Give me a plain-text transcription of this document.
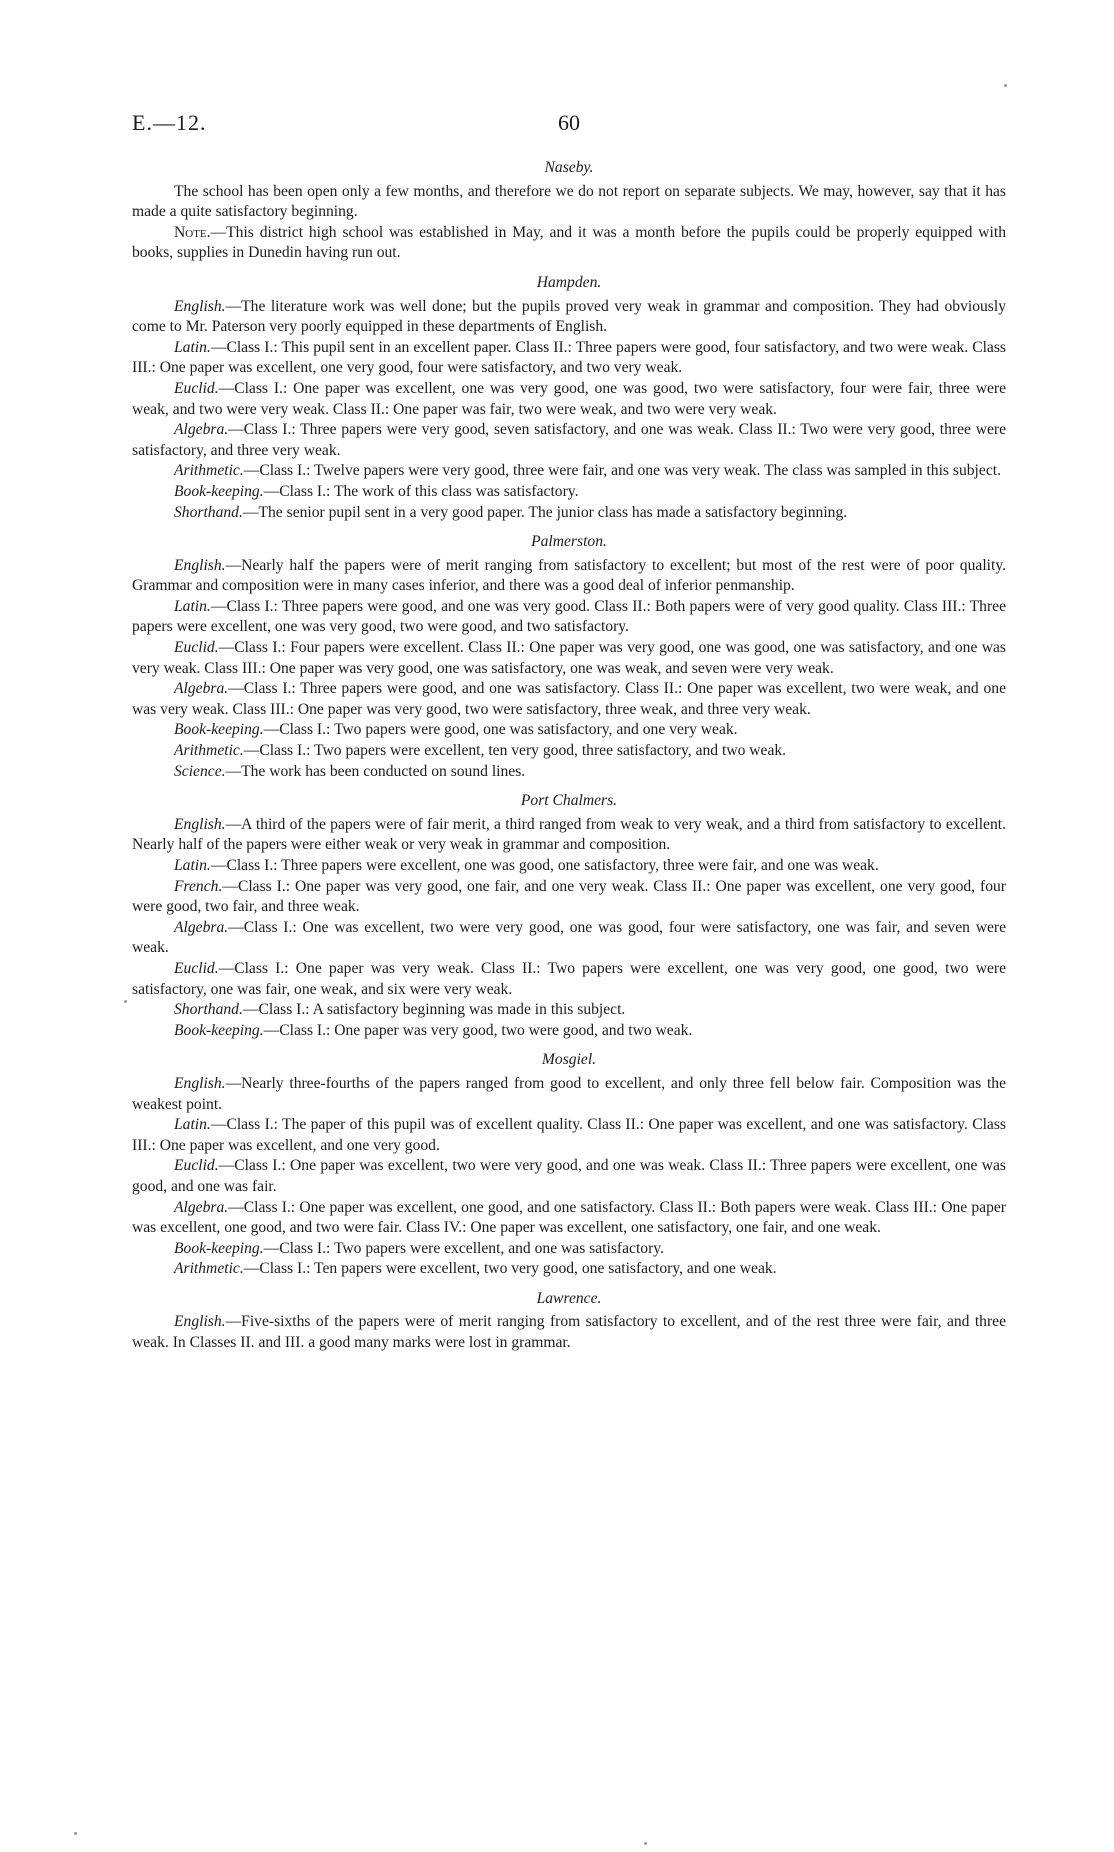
E.—12.	60
Naseby.

The school has been open only a few months, and therefore we do not report on separate subjects. We may, however, say that it has made a quite satisfactory beginning.

Note.—This district high school was established in May, and it was a month before the pupils could be properly equipped with books, supplies in Dunedin having run out.

Hampden.

English.—The literature work was well done; but the pupils proved very weak in grammar and composition. They had obviously come to Mr. Paterson very poorly equipped in these departments of English.

Latin.—Class I.: This pupil sent in an excellent paper. Class II.: Three papers were good, four satisfactory, and two were weak. Class III.: One paper was excellent, one very good, four were satisfactory, and two very weak.

Euclid.—Class I.: One paper was excellent, one was very good, one was good, two were satisfactory, four were fair, three were weak, and two were very weak. Class II.: One paper was fair, two were weak, and two were very weak.

Algebra.—Class I.: Three papers were very good, seven satisfactory, and one was weak. Class II.: Two were very good, three were satisfactory, and three very weak.

Arithmetic.—Class I.: Twelve papers were very good, three were fair, and one was very weak. The class was sampled in this subject.

Book-keeping.—Class I.: The work of this class was satisfactory.

Shorthand.—The senior pupil sent in a very good paper. The junior class has made a satisfactory beginning.

Palmerston.

English.—Nearly half the papers were of merit ranging from satisfactory to excellent; but most of the rest were of poor quality. Grammar and composition were in many cases inferior, and there was a good deal of inferior penmanship.

Latin.—Class I.: Three papers were good, and one was very good. Class II.: Both papers were of very good quality. Class III.: Three papers were excellent, one was very good, two were good, and two satisfactory.

Euclid.—Class I.: Four papers were excellent. Class II.: One paper was very good, one was good, one was satisfactory, and one was very weak. Class III.: One paper was very good, one was satisfactory, one was weak, and seven were very weak.

Algebra.—Class I.: Three papers were good, and one was satisfactory. Class II.: One paper was excellent, two were weak, and one was very weak. Class III.: One paper was very good, two were satisfactory, three weak, and three very weak.

Book-keeping.—Class I.: Two papers were good, one was satisfactory, and one very weak.

Arithmetic.—Class I.: Two papers were excellent, ten very good, three satisfactory, and two weak.

Science.—The work has been conducted on sound lines.

Port Chalmers.

English.—A third of the papers were of fair merit, a third ranged from weak to very weak, and a third from satisfactory to excellent. Nearly half of the papers were either weak or very weak in grammar and composition.

Latin.—Class I.: Three papers were excellent, one was good, one satisfactory, three were fair, and one was weak.

French.—Class I.: One paper was very good, one fair, and one very weak. Class II.: One paper was excellent, one very good, four were good, two fair, and three weak.

Algebra.—Class I.: One was excellent, two were very good, one was good, four were satisfactory, one was fair, and seven were weak.

Euclid.—Class I.: One paper was very weak. Class II.: Two papers were excellent, one was very good, one good, two were satisfactory, one was fair, one weak, and six were very weak.

Shorthand.—Class I.: A satisfactory beginning was made in this subject.

Book-keeping.—Class I.: One paper was very good, two were good, and two weak.

Mosgiel.

English.—Nearly three-fourths of the papers ranged from good to excellent, and only three fell below fair. Composition was the weakest point.

Latin.—Class I.: The paper of this pupil was of excellent quality. Class II.: One paper was excellent, and one was satisfactory. Class III.: One paper was excellent, and one very good.

Euclid.—Class I.: One paper was excellent, two were very good, and one was weak. Class II.: Three papers were excellent, one was good, and one was fair.

Algebra.—Class I.: One paper was excellent, one good, and one satisfactory. Class II.: Both papers were weak. Class III.: One paper was excellent, one good, and two were fair. Class IV.: One paper was excellent, one satisfactory, one fair, and one weak.

Book-keeping.—Class I.: Two papers were excellent, and one was satisfactory.

Arithmetic.—Class I.: Ten papers were excellent, two very good, one satisfactory, and one weak.

Lawrence.

English.—Five-sixths of the papers were of merit ranging from satisfactory to excellent, and of the rest three were fair, and three weak. In Classes II. and III. a good many marks were lost in grammar.
